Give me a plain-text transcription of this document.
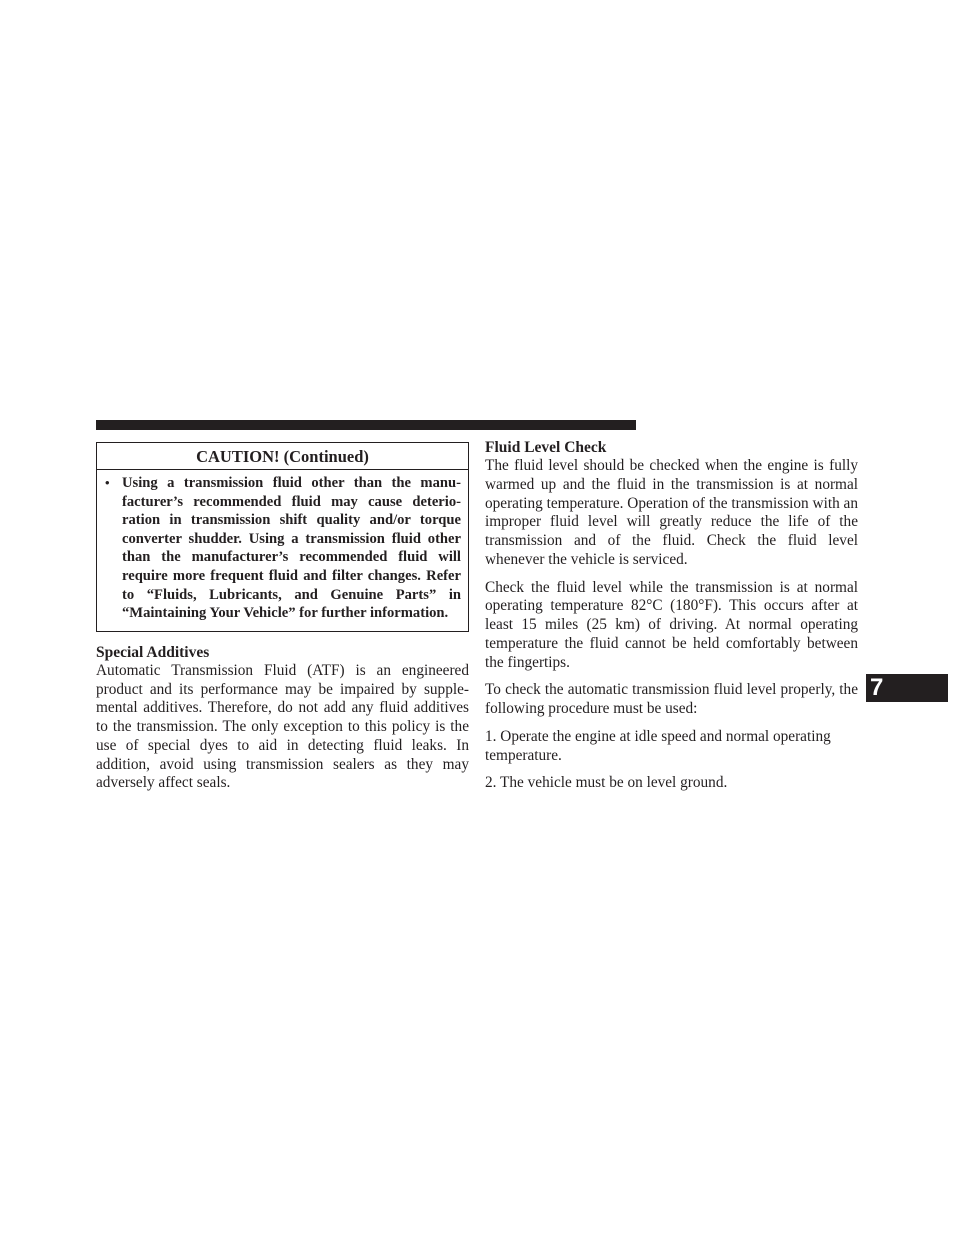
CAUTION! (Continued)
• Using a transmission fluid other than the manufacturer’s recommended fluid may cause deterioration in transmission shift quality and/or torque converter shudder. Using a transmission fluid other than the manufacturer’s recommended fluid will require more frequent fluid and filter changes. Refer to “Fluids, Lubricants, and Genuine Parts” in “Maintaining Your Vehicle” for further information.
Special Additives

Automatic Transmission Fluid (ATF) is an engineered product and its performance may be impaired by supplemental additives. Therefore, do not add any fluid additives to the transmission. The only exception to this policy is the use of special dyes to aid in detecting fluid leaks. In addition, avoid using transmission sealers as they may adversely affect seals.

Fluid Level Check

The fluid level should be checked when the engine is fully warmed up and the fluid in the transmission is at normal operating temperature. Operation of the transmission with an improper fluid level will greatly reduce the life of the transmission and of the fluid. Check the fluid level whenever the vehicle is serviced.

Check the fluid level while the transmission is at normal operating temperature 82°C (180°F). This occurs after at least 15 miles (25 km) of driving. At normal operating temperature the fluid cannot be held comfortably between the fingertips.

To check the automatic transmission fluid level properly, the following procedure must be used:

1. Operate the engine at idle speed and normal operating temperature.

2. The vehicle must be on level ground.

7
